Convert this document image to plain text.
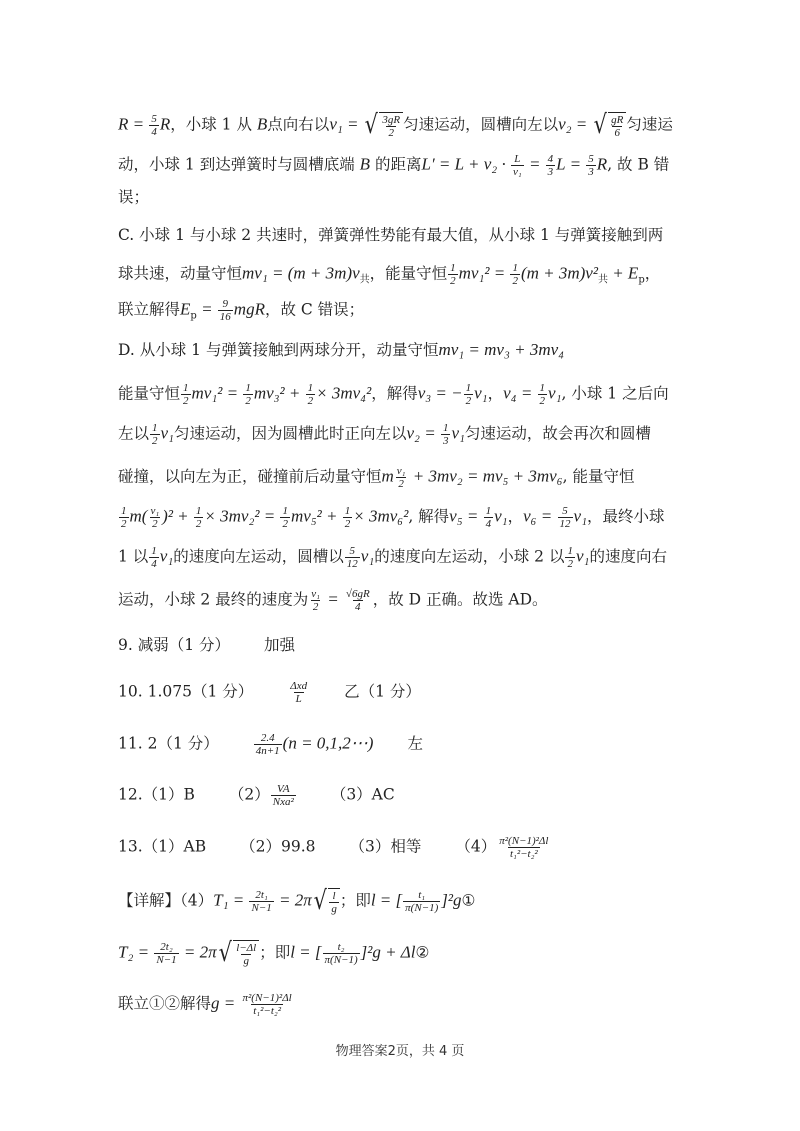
$R = \frac{5}{4}$ R，小球 1 从 B点向右以v₁ = √ $\frac{3gR}{2}$ 匀速运动，圆槽向左以v₂ = √ $\frac{gR}{6}$ 匀速运
动，小球 1 到达弹簧时与圆槽底端 B 的距离$L' = L + v_2 \cdot \frac{L}{\text{v₁}} = \frac{4}{3}$ $L = \frac{5}{3} R$, 故 B 错
误；
C. 小球 1 与小球 2 共速时，弹簧弹性势能有最大值，从小球 1 与弹簧接触到两
球共速，动量守恒$mv_1 = (m + 3m)v_共$，能量守恒 $\frac{1}{2} mv_1^2 = \frac{1}{2} (m + 3m)v^2_共 + E_p$，
联立解得$E_p = \frac{9}{16}$ mgR，故 C 错误；
D. 从小球 1 与弹簧接触到两球分开，动量守恒mv₁ = mv₃ + 3mv₄
能量守恒 $\frac{1}{2} mv_1^2 = \frac{1}{2} mv_3^2 + \frac{1}{2} \times 3mv_4^2$，解得v₃ = − $\frac{1}{2} v_1$，$v_4 = \frac{1}{2} v_1$, 小球 1 之后向
左以 $\frac{1}{2} v_1$匀速运动，因为圆槽此时正向左以$v_2 = \frac{1}{3} v_1$匀速运动，故会再次和圆槽
碰撞，以向左为正，碰撞前后动量守恒m $\frac{\text{v₁}}{2} + 3mv_2 = mv_5 + 3mv_6$, 能量守恒
$\frac{1}{2} m( \frac{\text{v₁}}{2} )^2 + \frac{1}{2} \times 3mv_2^2 = \frac{1}{2} mv_5^2 + \frac{1}{2} \times 3mv_6^2$, 解得$v_5 = \frac{1}{4} v_1$，$v_6 = \frac{5}{12} v_1$，最终小球
1 以 $\frac{1}{4} v_1$的速度向左运动，圆槽以 $\frac{5}{12} v_1$的速度向左运动，小球 2 以 $\frac{1}{2} v_1$的速度向右
运动，小球 2 最终的速度为 $\frac{\text{v₁}}{2} = \frac{√6gR}{4}$ ，故 D 正确。故选 AD。
9. 减弱（1 分） 加强
10. 1.075（1 分）	$\frac{\text{Δxd}}{L}$ 乙（1 分）
11. 2（1 分）	$\frac{2.4}{4n+1} (n$ = 0,1,2⋯) 左
12.（1）B $(2) \frac{VA}{\text{Nxa²}} (3)AC$
13.（1）AB （2）99.8 （3）相等 $(4) \frac{\text{π²(N−1)²Δl}}{\text{t₁²−t₂²}}$
【详解】$(4)T_1 = \frac{\text{2t₁}}{N-1} = 2\pi$ √ $\frac{l}{g}$ ；即l = [ $\frac{\text{t₁}}{\pi(N-1)}$ ]²g①
$T_2 = \frac{\text{2t₂}}{N-1} = 2\pi$ √ $\frac{l-\Delta l}{g}$ ；即l = [ $\frac{\text{t₂}}{\pi(N-1)} ]^2g$ + Δl②
联立①②解得$g = \frac{\text{π²(N−1)²Δl}}{\text{t₁²−t₂²}}$
物理答案2页，共 4 页
